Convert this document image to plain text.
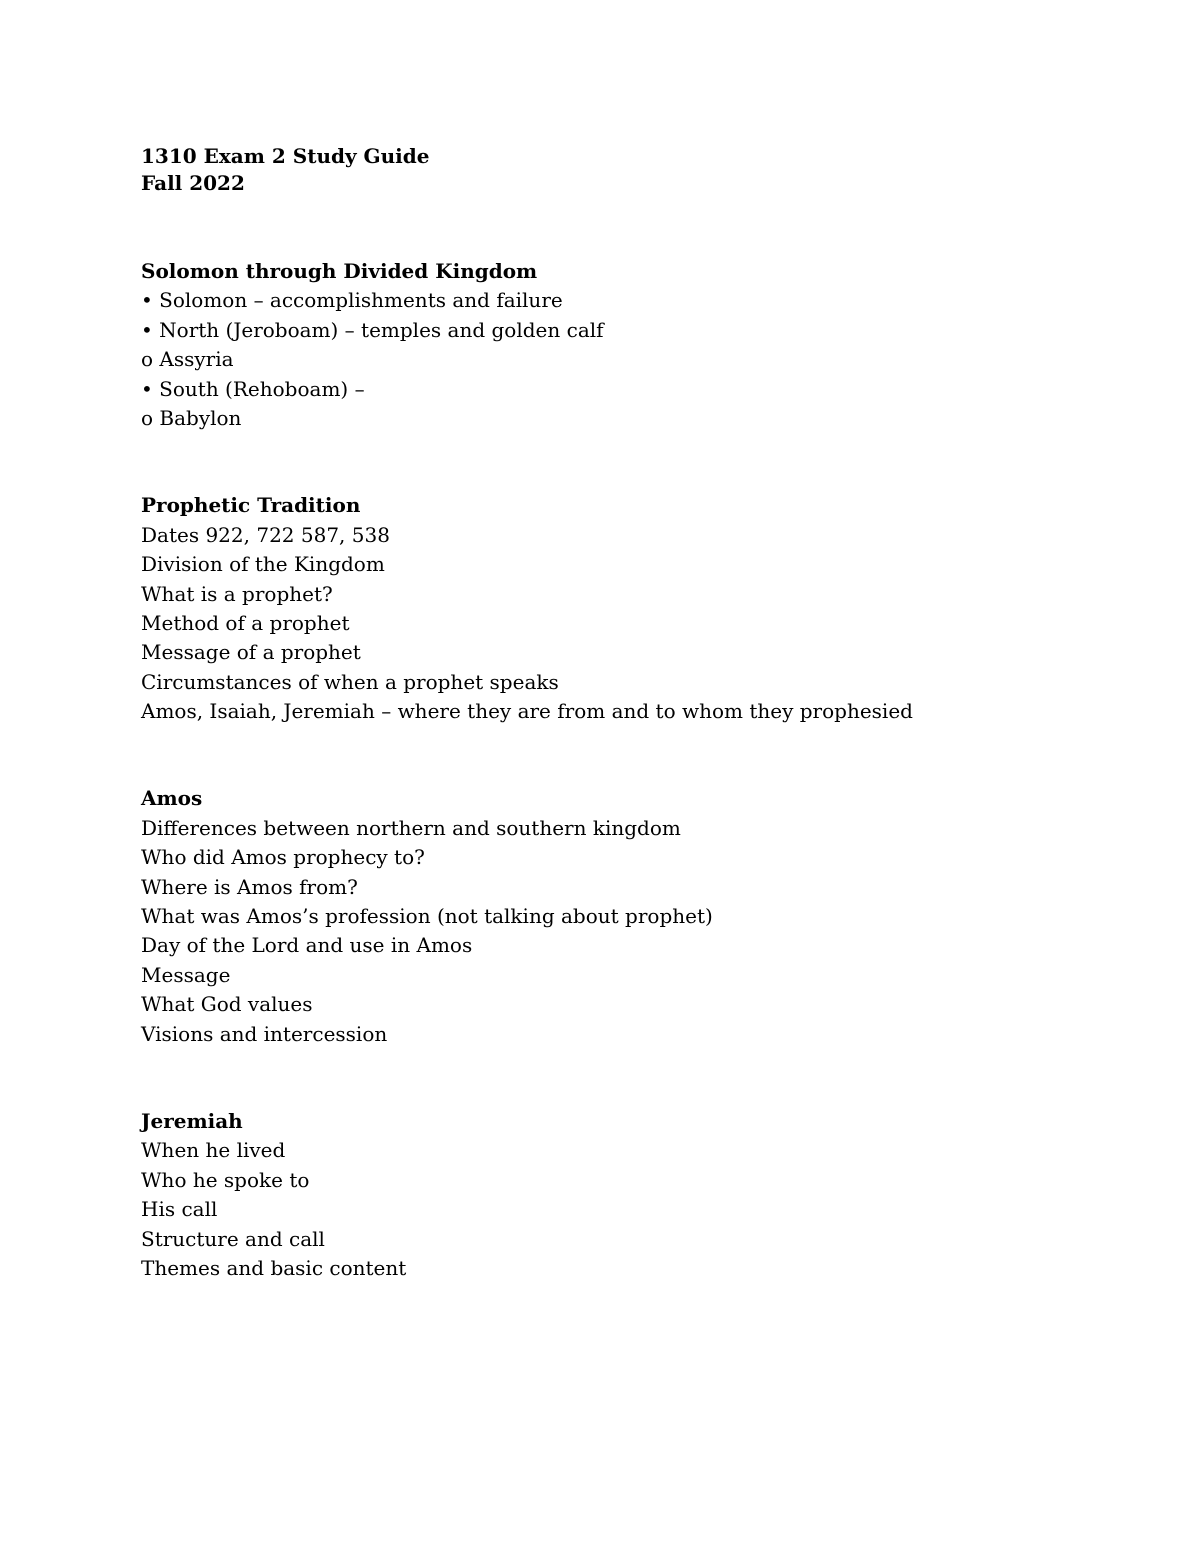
1310 Exam 2 Study Guide
Fall 2022
Solomon through Divided Kingdom
• Solomon – accomplishments and failure
• North (Jeroboam) – temples and golden calf
o Assyria
• South (Rehoboam) –
o Babylon
Prophetic Tradition
Dates 922, 722 587, 538
Division of the Kingdom
What is a prophet?
Method of a prophet
Message of a prophet
Circumstances of when a prophet speaks
Amos, Isaiah, Jeremiah – where they are from and to whom they prophesied
Amos
Differences between northern and southern kingdom
Who did Amos prophecy to?
Where is Amos from?
What was Amos’s profession (not talking about prophet)
Day of the Lord and use in Amos
Message
What God values
Visions and intercession
Jeremiah
When he lived
Who he spoke to
His call
Structure and call
Themes and basic content
